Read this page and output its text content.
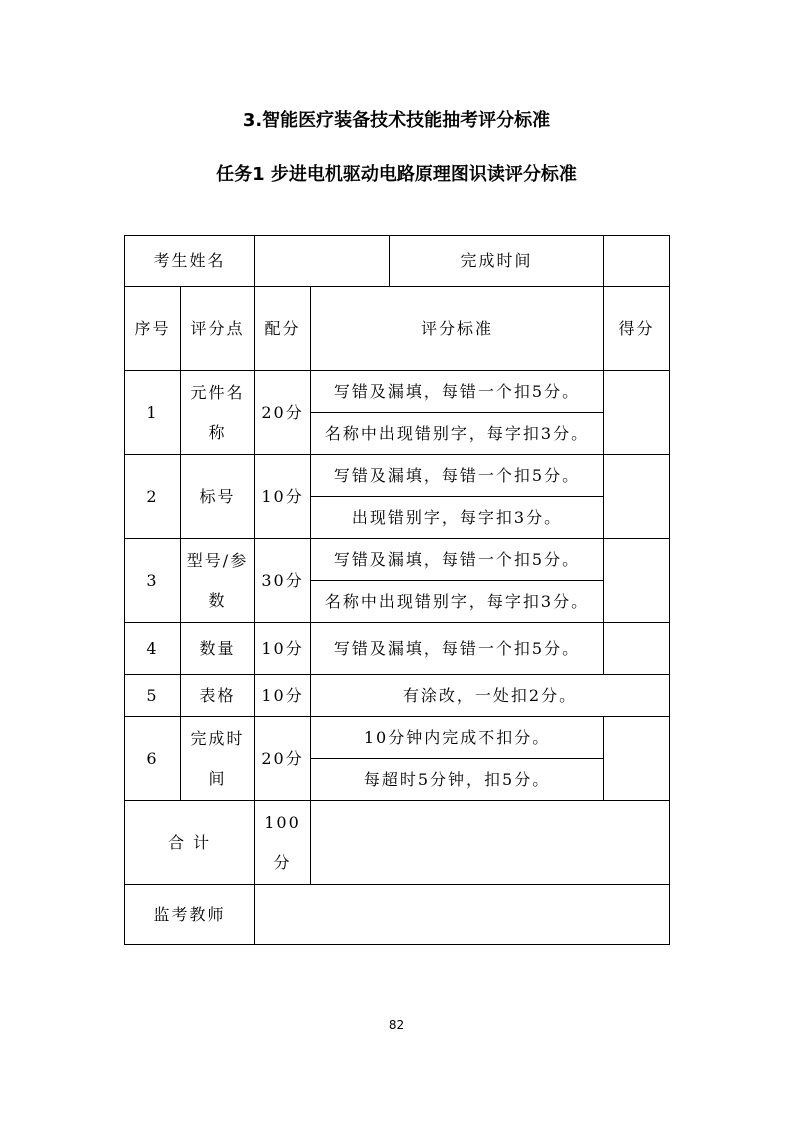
3.智能医疗装备技术技能抽考评分标准
任务1 步进电机驱动电路原理图识读评分标准
考生姓名		完成时间		

序号	评分点	配分	评分标准	得分
1	元件名称	20分	写错及漏填，每错一个扣5分。	
			名称中出现错别字，每字扣3分。	
2	标号	10分	写错及漏填，每错一个扣5分。	
			出现错别字，每字扣3分。	
3	型号/参数	30分	写错及漏填，每错一个扣5分。	
			名称中出现错别字，每字扣3分。	
4	数量	10分	写错及漏填，每错一个扣5分。	
5	表格	10分	有涂改，一处扣2分。	
6	完成时间	20分	10分钟内完成不扣分。	
			每超时5分钟，扣5分。	
合 计		100分		
监考教师				
82
